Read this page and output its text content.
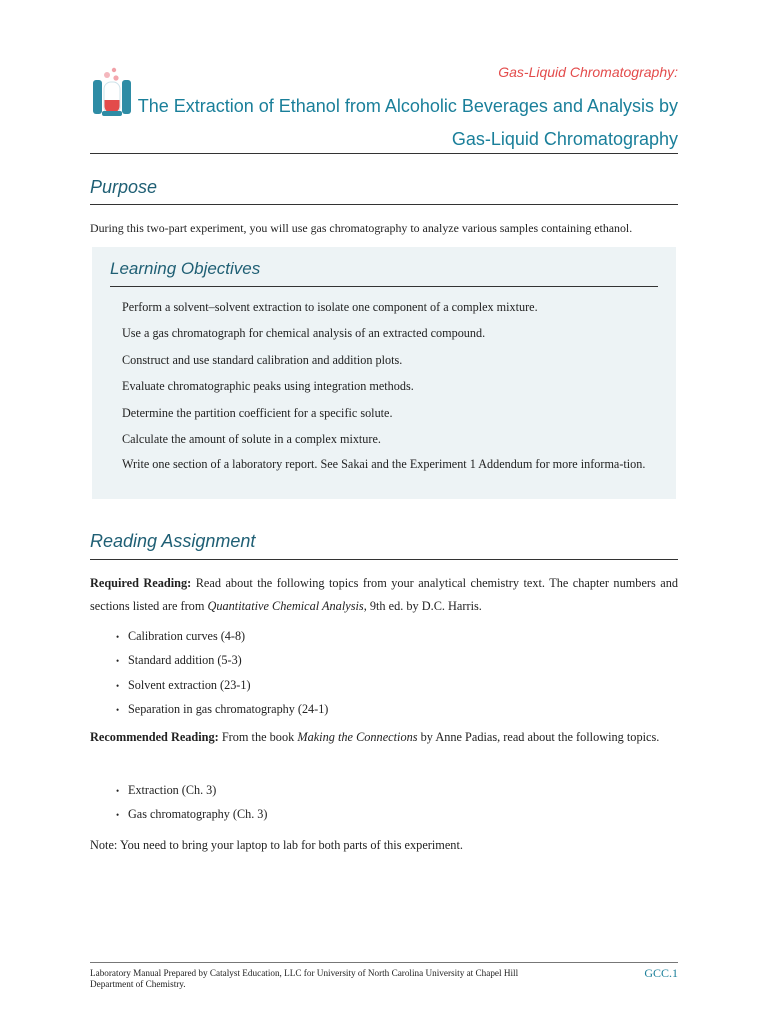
Gas-Liquid Chromatography:
The Extraction of Ethanol from Alcoholic Beverages and Analysis by
Gas-Liquid Chromatography
Purpose
During this two-part experiment, you will use gas chromatography to analyze various samples containing ethanol.
Learning Objectives
Perform a solvent–solvent extraction to isolate one component of a complex mixture.
Use a gas chromatograph for chemical analysis of an extracted compound.
Construct and use standard calibration and addition plots.
Evaluate chromatographic peaks using integration methods.
Determine the partition coefficient for a specific solute.
Calculate the amount of solute in a complex mixture.
Write one section of a laboratory report. See Sakai and the Experiment 1 Addendum for more informa-tion.
Reading Assignment
Required Reading: Read about the following topics from your analytical chemistry text. The chapter numbers and sections listed are from Quantitative Chemical Analysis, 9th ed. by D.C. Harris.
• Calibration curves (4-8)
• Standard addition (5-3)
• Solvent extraction (23-1)
• Separation in gas chromatography (24-1)
Recommended Reading: From the book Making the Connections by Anne Padias, read about the following topics.
• Extraction (Ch. 3)
• Gas chromatography (Ch. 3)
Note: You need to bring your laptop to lab for both parts of this experiment.
Laboratory Manual Prepared by Catalyst Education, LLC for University of North Carolina University at Chapel Hill
Department of Chemistry.
GCC.1
